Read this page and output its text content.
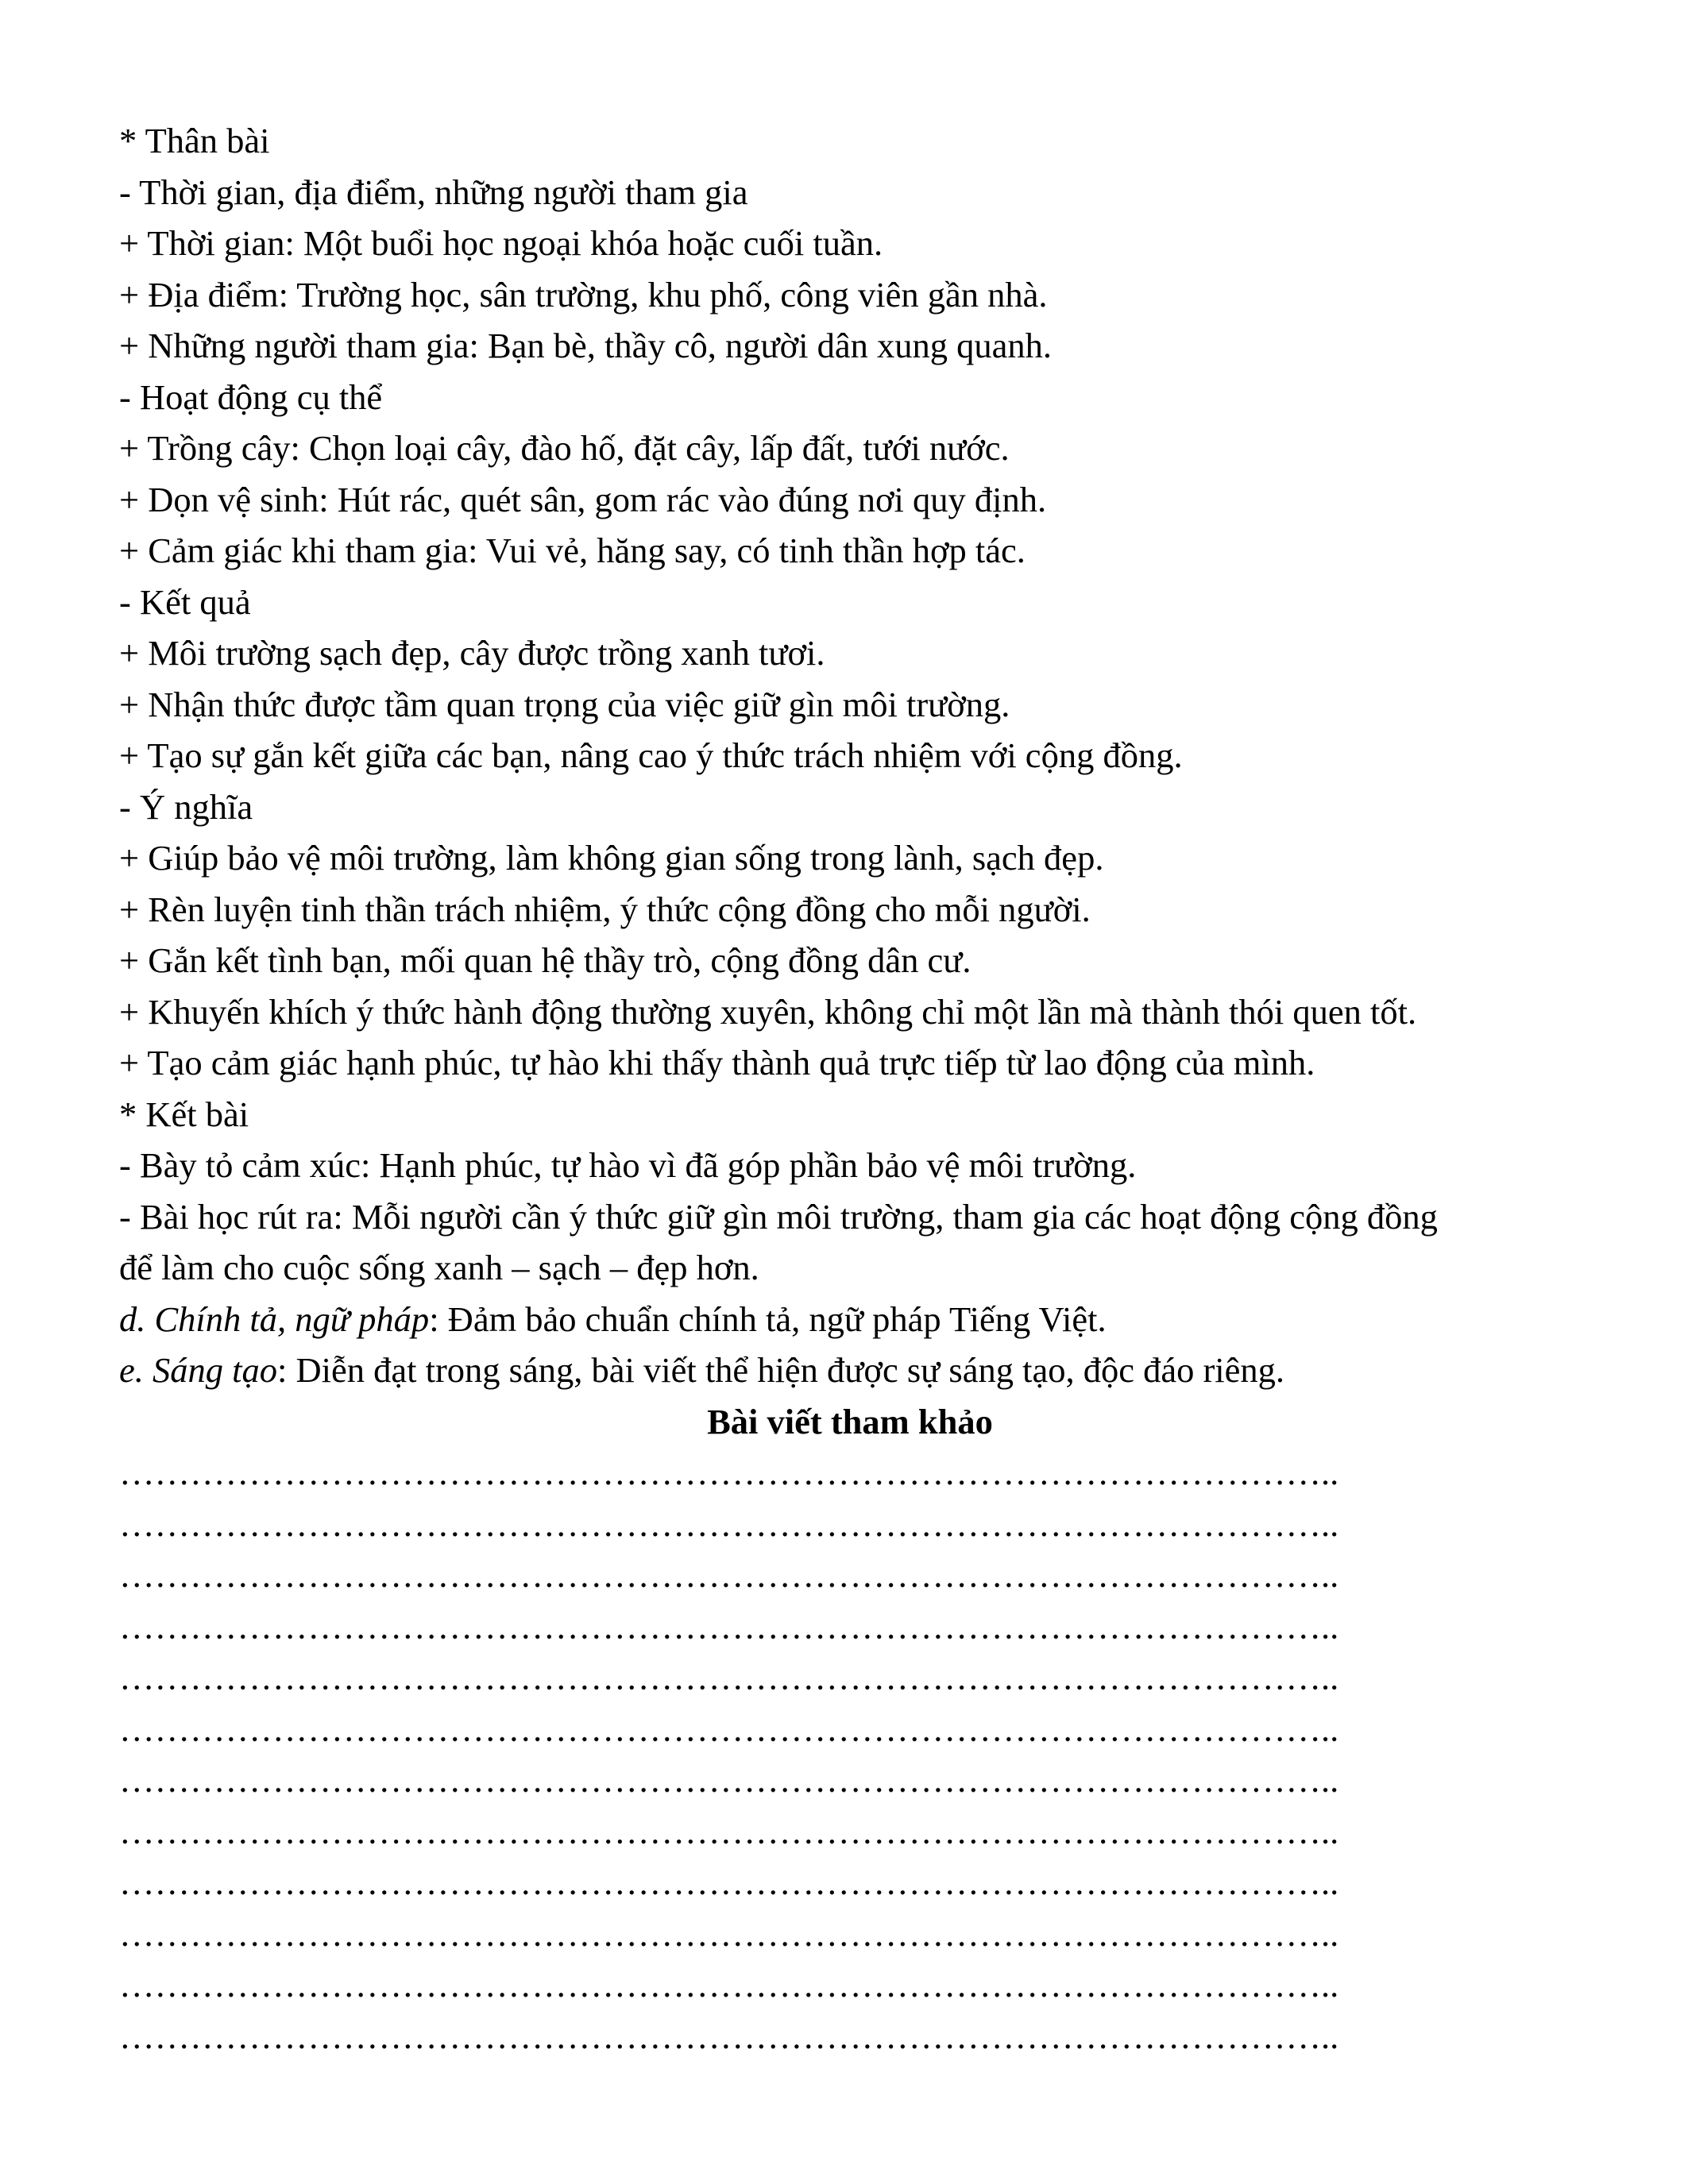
* Thân bài
- Thời gian, địa điểm, những người tham gia
+ Thời gian: Một buổi học ngoại khóa hoặc cuối tuần.
+ Địa điểm: Trường học, sân trường, khu phố, công viên gần nhà.
+ Những người tham gia: Bạn bè, thầy cô, người dân xung quanh.
- Hoạt động cụ thể
+ Trồng cây: Chọn loại cây, đào hố, đặt cây, lấp đất, tưới nước.
+ Dọn vệ sinh: Hút rác, quét sân, gom rác vào đúng nơi quy định.
+ Cảm giác khi tham gia: Vui vẻ, hăng say, có tinh thần hợp tác.
- Kết quả
+ Môi trường sạch đẹp, cây được trồng xanh tươi.
+ Nhận thức được tầm quan trọng của việc giữ gìn môi trường.
+ Tạo sự gắn kết giữa các bạn, nâng cao ý thức trách nhiệm với cộng đồng.
- Ý nghĩa
+ Giúp bảo vệ môi trường, làm không gian sống trong lành, sạch đẹp.
+ Rèn luyện tinh thần trách nhiệm, ý thức cộng đồng cho mỗi người.
+ Gắn kết tình bạn, mối quan hệ thầy trò, cộng đồng dân cư.
+ Khuyến khích ý thức hành động thường xuyên, không chỉ một lần mà thành thói quen tốt.
+ Tạo cảm giác hạnh phúc, tự hào khi thấy thành quả trực tiếp từ lao động của mình.
* Kết bài
- Bày tỏ cảm xúc: Hạnh phúc, tự hào vì đã góp phần bảo vệ môi trường.
- Bài học rút ra: Mỗi người cần ý thức giữ gìn môi trường, tham gia các hoạt động cộng đồng
để làm cho cuộc sống xanh – sạch – đẹp hơn.
d. Chính tả, ngữ pháp: Đảm bảo chuẩn chính tả, ngữ pháp Tiếng Việt.
e. Sáng tạo: Diễn đạt trong sáng, bài viết thể hiện được sự sáng tạo, độc đáo riêng.
Bài viết tham khảo
…………………………………………………………………………………………..
…………………………………………………………………………………………..
…………………………………………………………………………………………..
…………………………………………………………………………………………..
…………………………………………………………………………………………..
…………………………………………………………………………………………..
…………………………………………………………………………………………..
…………………………………………………………………………………………..
…………………………………………………………………………………………..
…………………………………………………………………………………………..
…………………………………………………………………………………………..
…………………………………………………………………………………………..
